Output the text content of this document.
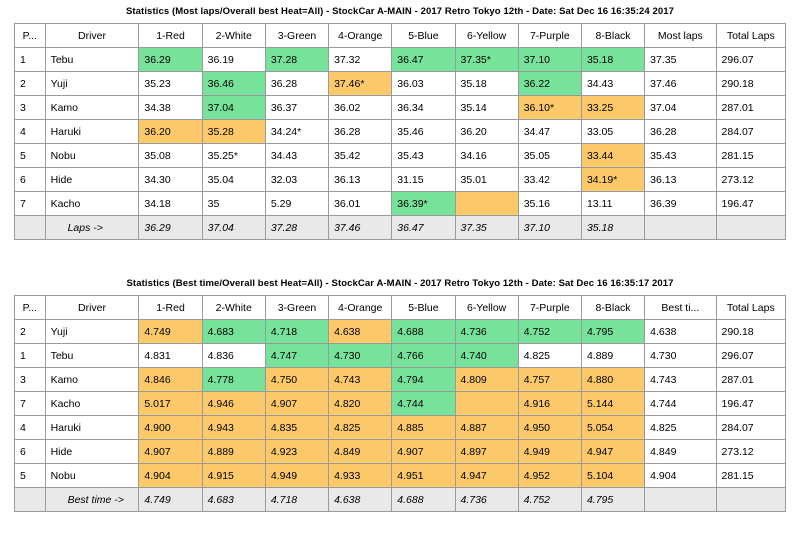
Statistics (Most laps/Overall best Heat=All) - StockCar A-MAIN - 2017 Retro Tokyo 12th - Date: Sat Dec 16 16:35:24 2017
P...	Driver	1-Red	2-White	3-Green	4-Orange	5-Blue	6-Yellow	7-Purple	8-Black	Most laps	Total Laps
1	Tebu	36.29	36.19	37.28	37.32	36.47	37.35*	37.10	35.18	37.35	296.07
2	Yuji	35.23	36.46	36.28	37.46*	36.03	35.18	36.22	34.43	37.46	290.18
3	Kamo	34.38	37.04	36.37	36.02	36.34	35.14	36.10*	33.25	37.04	287.01
4	Haruki	36.20	35.28	34.24*	36.28	35.46	36.20	34.47	33.05	36.28	284.07
5	Nobu	35.08	35.25*	34.43	35.42	35.43	34.16	35.05	33.44	35.43	281.15
6	Hide	34.30	35.04	32.03	36.13	31.15	35.01	33.42	34.19*	36.13	273.12
7	Kacho	34.18	35	5.29	36.01	36.39*		35.16	13.11	36.39	196.47
	Laps ->	36.29	37.04	37.28	37.46	36.47	37.35	37.10	35.18		
Statistics (Best time/Overall best Heat=All) - StockCar A-MAIN - 2017 Retro Tokyo 12th - Date: Sat Dec 16 16:35:17 2017
P...	Driver	1-Red	2-White	3-Green	4-Orange	5-Blue	6-Yellow	7-Purple	8-Black	Best ti...	Total Laps
2	Yuji	4.749	4.683	4.718	4.638	4.688	4.736	4.752	4.795	4.638	290.18
1	Tebu	4.831	4.836	4.747	4.730	4.766	4.740	4.825	4.889	4.730	296.07
3	Kamo	4.846	4.778	4.750	4.743	4.794	4.809	4.757	4.880	4.743	287.01
7	Kacho	5.017	4.946	4.907	4.820	4.744		4.916	5.144	4.744	196.47
4	Haruki	4.900	4.943	4.835	4.825	4.885	4.887	4.950	5.054	4.825	284.07
6	Hide	4.907	4.889	4.923	4.849	4.907	4.897	4.949	4.947	4.849	273.12
5	Nobu	4.904	4.915	4.949	4.933	4.951	4.947	4.952	5.104	4.904	281.15
	Best time ->	4.749	4.683	4.718	4.638	4.688	4.736	4.752	4.795		
